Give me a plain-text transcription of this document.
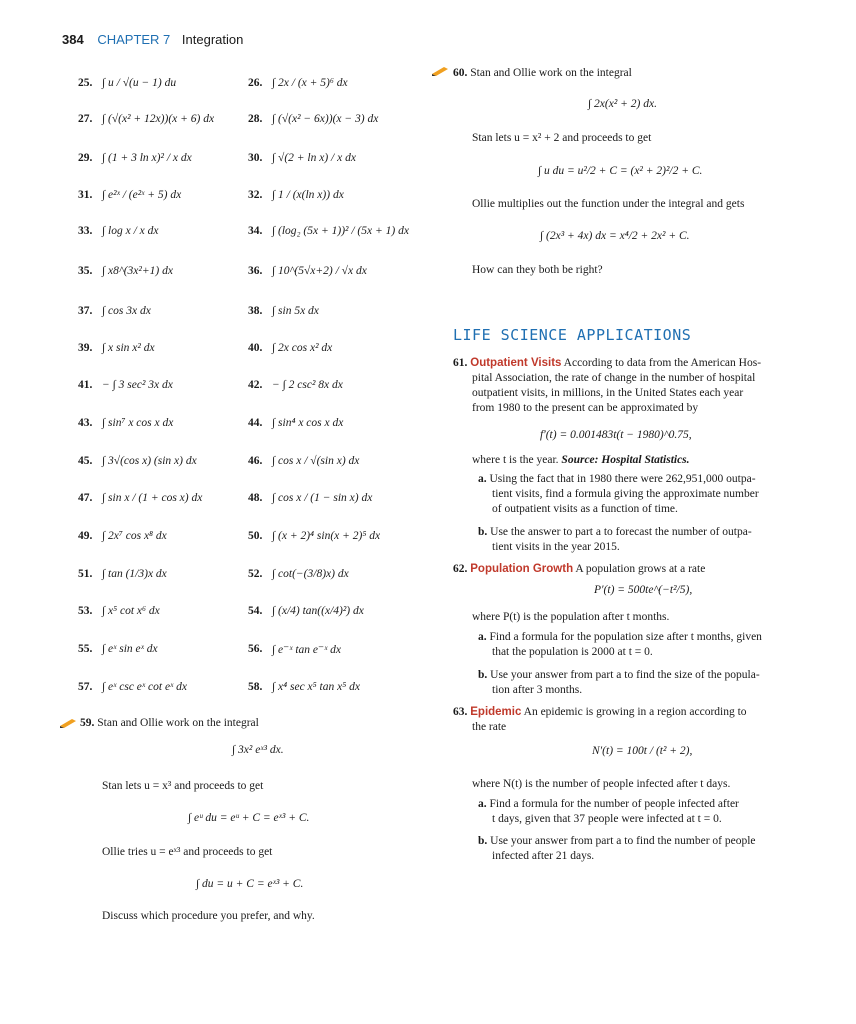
384 CHAPTER 7 Integration
25. ∫ u / √(u − 1) du	26. ∫ 2x / (x + 5)⁶ dx
27. ∫ (√(x² + 12x))(x + 6) dx	28. ∫ (√(x² − 6x))(x − 3) dx
29. ∫ (1 + 3 ln x)² / x dx	30. ∫ √(2 + ln x) / x dx
31. ∫ e²ˣ / (e²ˣ + 5) dx	32. ∫ 1 / (x(ln x)) dx
33. ∫ log x / x dx	34. ∫ (log₂ (5x + 1))² / (5x + 1) dx
35. ∫ x8^(3x²+1) dx	36. ∫ 10^(5√x+2) / √x dx
37. ∫ cos 3x dx	38. ∫ sin 5x dx
39. ∫ x sin x² dx	40. ∫ 2x cos x² dx
41. − ∫ 3 sec² 3x dx	42. − ∫ 2 csc² 8x dx
43. ∫ sin⁷ x cos x dx	44. ∫ sin⁴ x cos x dx
45. ∫ 3√(cos x) (sin x) dx	46. ∫ cos x / √(sin x) dx
47. ∫ sin x / (1 + cos x) dx	48. ∫ cos x / (1 − sin x) dx
49. ∫ 2x⁷ cos x⁸ dx	50. ∫ (x + 2)⁴ sin(x + 2)⁵ dx
51. ∫ tan (1/3)x dx	52. ∫ cot(−(3/8)x) dx
53. ∫ x⁵ cot x⁶ dx	54. ∫ (x/4) tan((x/4)²) dx
55. ∫ eˣ sin eˣ dx	56. ∫ e⁻ˣ tan e⁻ˣ dx
57. ∫ eˣ csc eˣ cot eˣ dx	58. ∫ x⁴ sec x⁵ tan x⁵ dx
59. Stan and Ollie work on the integral
∫ 3x² eˣ³ dx.
Stan lets u = x³ and proceeds to get
∫ eᵘ du = eᵘ + C = eˣ³ + C.
Ollie tries u = eˣ³ and proceeds to get
∫ du = u + C = eˣ³ + C.
Discuss which procedure you prefer, and why.
60. Stan and Ollie work on the integral
∫ 2x(x² + 2) dx.
Stan lets u = x² + 2 and proceeds to get
∫ u du = u²/2 + C = (x² + 2)²/2 + C.
Ollie multiplies out the function under the integral and gets
∫ (2x³ + 4x) dx = x⁴/2 + 2x² + C.
How can they both be right?
LIFE SCIENCE APPLICATIONS
61. Outpatient Visits According to data from the American Hos-
pital Association, the rate of change in the number of hospital
outpatient visits, in millions, in the United States each year
from 1980 to the present can be approximated by
f′(t) = 0.001483t(t − 1980)^0.75,
where t is the year. Source: Hospital Statistics.
a. Using the fact that in 1980 there were 262,951,000 outpa-
tient visits, find a formula giving the approximate number
of outpatient visits as a function of time.
b. Use the answer to part a to forecast the number of outpa-
tient visits in the year 2015.
62. Population Growth A population grows at a rate
P′(t) = 500te^(−t²/5),
where P(t) is the population after t months.
a. Find a formula for the population size after t months, given
that the population is 2000 at t = 0.
b. Use your answer from part a to find the size of the popula-
tion after 3 months.
63. Epidemic An epidemic is growing in a region according to
the rate
N′(t) = 100t / (t² + 2),
where N(t) is the number of people infected after t days.
a. Find a formula for the number of people infected after
t days, given that 37 people were infected at t = 0.
b. Use your answer from part a to find the number of people
infected after 21 days.
